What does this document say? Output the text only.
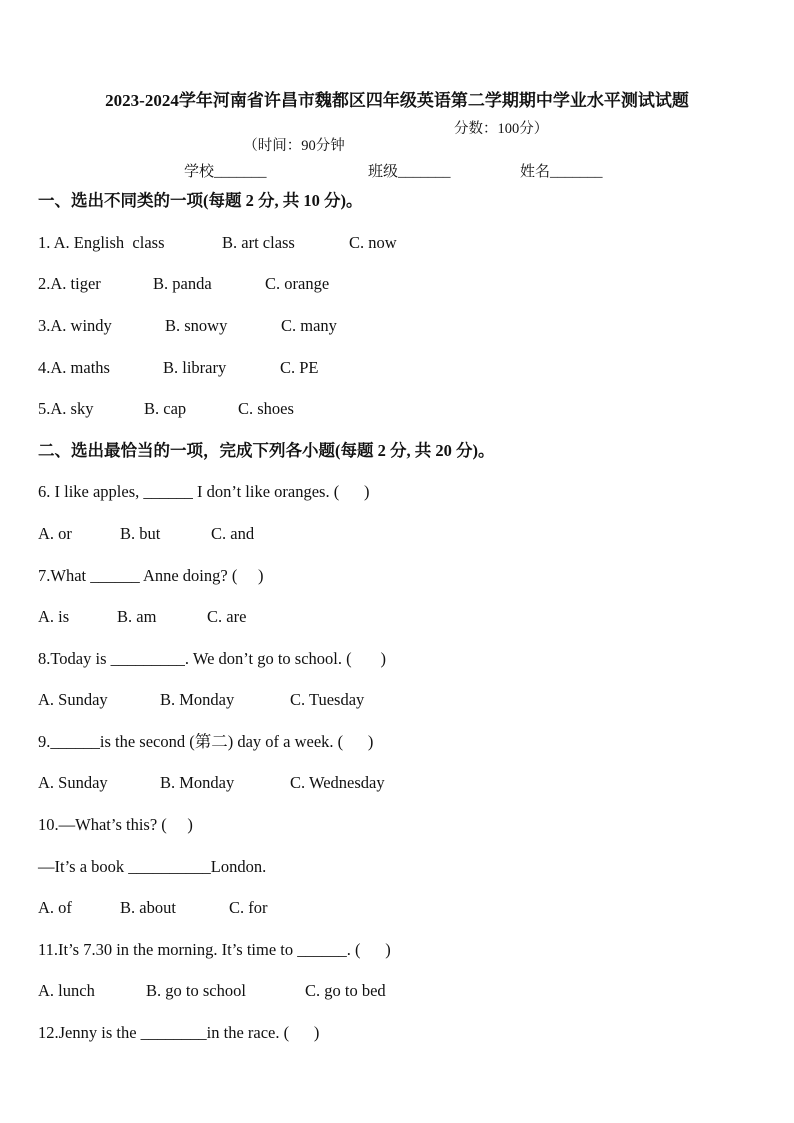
2023-2024学年河南省许昌市魏都区四年级英语第二学期期中学业水平测试试题

（时间：90分钟

分数：100分）

学校_______	班级_______	姓名_______
一、选出不同类的一项(每题 2 分, 共 10 分)。

1. A. English  class

	B. art class

	C. now

2.A. tiger

	B. panda

	C. orange

3.A. windy

	B. snowy

	C. many

4.A. maths

	B. library

	C. PE

5.A. sky

	B. cap

	C. shoes

二、选出最恰当的一项，完成下列各小题(每题 2 分, 共 20 分)。
6. I like apples, ______ I don’t like oranges. (      )

A. or

	B. but

	C. and

7.What ______ Anne doing? (     )

A. is

	B. am

	C. are

8.Today is _________. We don’t go to school. (       )

A. Sunday

	B. Monday

	C. Tuesday

9.______is the second (第二) day of a week. (      )

A. Sunday

	B. Monday

	C. Wednesday

10.—What’s this? (     )
—It’s a book __________London.

A. of

	B. about

	C. for

11.It’s 7.30 in the morning. It’s time to ______. (      )

A. lunch

	B. go to school

	C. go to bed

12.Jenny is the ________in the race. (      )
